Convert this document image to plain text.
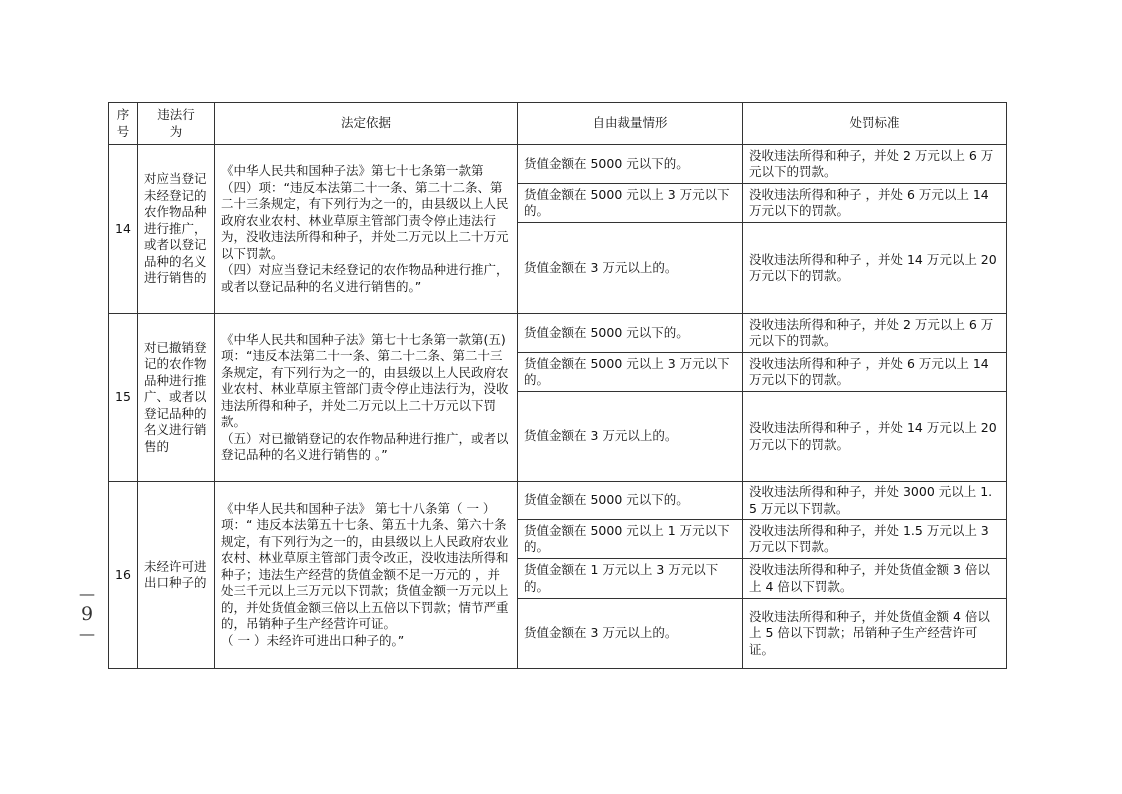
序号	违法行为	法定依据	自由裁量情形	处罚标准
14	对应当登记未经登记的农作物品种进行推广，或者以登记品种的名义进行销售的	《中华人民共和国种子法》第七十七条第一款第（四）项：“违反本法第二十一条、第二十二条、第二十三条规定，有下列行为之一的，由县级以上人民政府农业农村、林业草原主管部门责令停止违法行为，没收违法所得和种子，并处二万元以上二十万元以下罚款。
（四）对应当登记未经登记的农作物品种进行推广，或者以登记品种的名义进行销售的。”	货值金额在 5000 元以下的。	没收违法所得和种子，并处 2 万元以上 6 万元以下的罚款。
			货值金额在 5000 元以上 3 万元以下的。	没收违法所得和种子 ，并处 6 万元以上 14 万元以下的罚款。
			货值金额在 3 万元以上的。	没收违法所得和种子 ，并处 14 万元以上 20 万元以下的罚款。
15	对已撤销登记的农作物品种进行推广、或者以登记品种的名义进行销售的	《中华人民共和国种子法》第七十七条第一款第(五)项：“违反本法第二十一条、第二十二条、第二十三条规定，有下列行为之一的，由县级以上人民政府农业农村、林业草原主管部门责令停止违法行为，没收违法所得和种子，并处二万元以上二十万元以下罚款。
（五）对已撤销登记的农作物品种进行推广，或者以登记品种的名义进行销售的 。”	货值金额在 5000 元以下的。	没收违法所得和种子，并处 2 万元以上 6 万元以下的罚款。
			货值金额在 5000 元以上 3 万元以下的。	没收违法所得和种子 ，并处 6 万元以上 14 万元以下的罚款。
			货值金额在 3 万元以上的。	没收违法所得和种子 ，并处 14 万元以上 20 万元以下的罚款。
16	未经许可进出口种子的	《中华人民共和国种子法》 第七十八条第（ 一 ）项：“ 违反本法第五十七条、第五十九条、第六十条规定，有下列行为之一的，由县级以上人民政府农业农村、林业草原主管部门责令改正，没收违法所得和种子；违法生产经营的货值金额不足一万元的 ，并处三千元以上三万元以下罚款；货值金额一万元以上的，并处货值金额三倍以上五倍以下罚款；情节严重的，吊销种子生产经营许可证。
（ 一 ）未经许可进出口种子的。”	货值金额在 5000 元以下的。	没收违法所得和种子，并处 3000 元以上 1.5 万元以下罚款。
			货值金额在 5000 元以上 1 万元以下的。	没收违法所得和种子，并处 1.5 万元以上 3 万元以下罚款。
			货值金额在 1 万元以上 3 万元以下的。	没收违法所得和种子，并处货值金额 3 倍以上 4 倍以下罚款。
			货值金额在 3 万元以上的。	没收违法所得和种子，并处货值金额 4 倍以上 5 倍以下罚款；吊销种子生产经营许可证。
—
9
—
